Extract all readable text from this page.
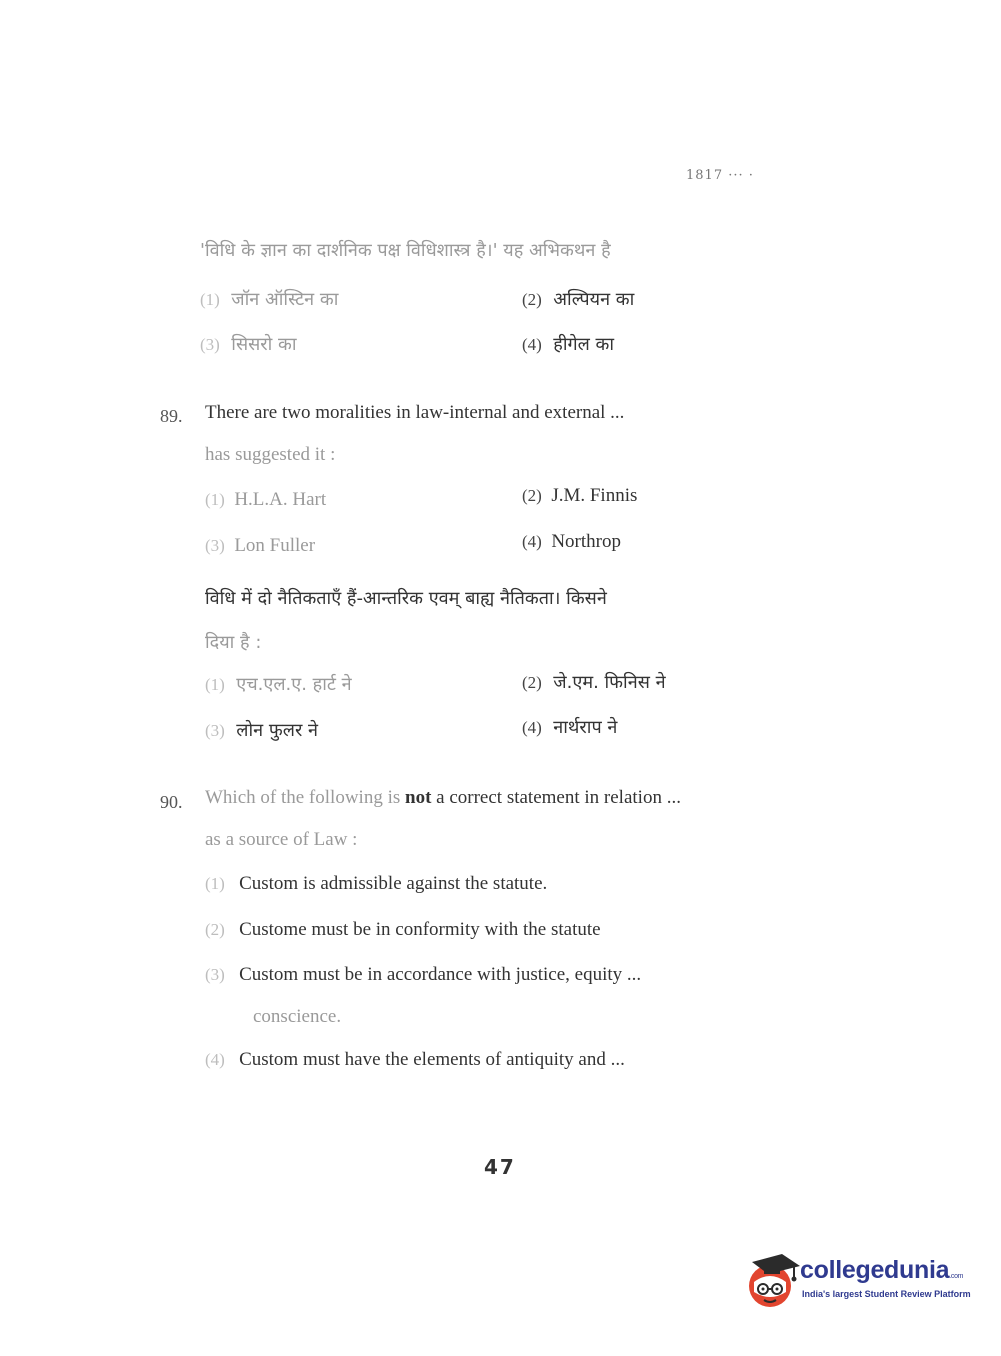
1817 ··· ·
'विधि के ज्ञान का दार्शनिक पक्ष विधिशास्त्र है।' यह अभिकथन है
(1) जॉन ऑस्टिन का	(2) अल्पियन का
(3) सिसरो का	(4) हीगेल का
89. There are two moralities in law-internal and external ...
has suggested it :
(1) H.L.A. Hart	(2) J.M. Finnis
(3) Lon Fuller	(4) Northrop
विधि में दो नैतिकताएँ हैं-आन्तरिक एवम् बाह्य नैतिकता। किसने
दिया है :
(1) एच.एल.ए. हार्ट ने	(2) जे.एम. फिनिस ने
(3) लोन फुलर ने	(4) नार्थराप ने
90. Which of the following is not a correct statement in relation ...
as a source of Law :
(1) Custom is admissible against the statute.
(2) Custome must be in conformity with the statute
(3) Custom must be in accordance with justice, equity ...
conscience.
(4) Custom must have the elements of antiquity and ...
47
collegedunia.com
India's largest Student Review Platform
